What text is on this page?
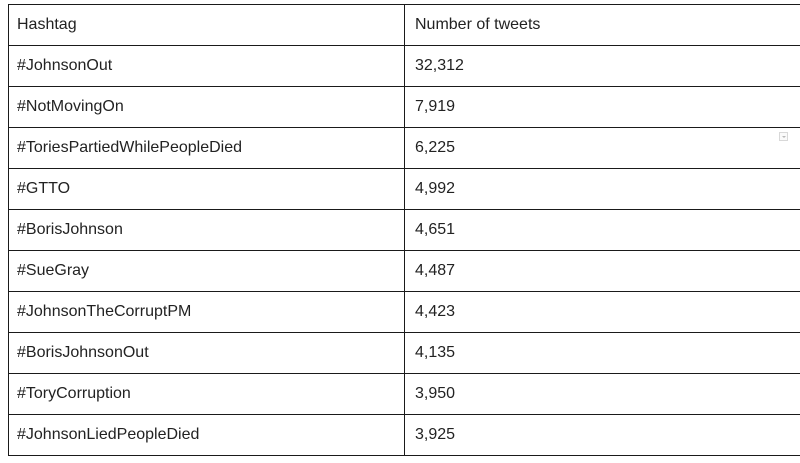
Hashtag	Number of tweets
#JohnsonOut	32,312
#NotMovingOn	7,919
#ToriesPartiedWhilePeopleDied	6,225
#GTTO	4,992
#BorisJohnson	4,651
#SueGray	4,487
#JohnsonTheCorruptPM	4,423
#BorisJohnsonOut	4,135
#ToryCorruption	3,950
#JohnsonLiedPeopleDied	3,925
